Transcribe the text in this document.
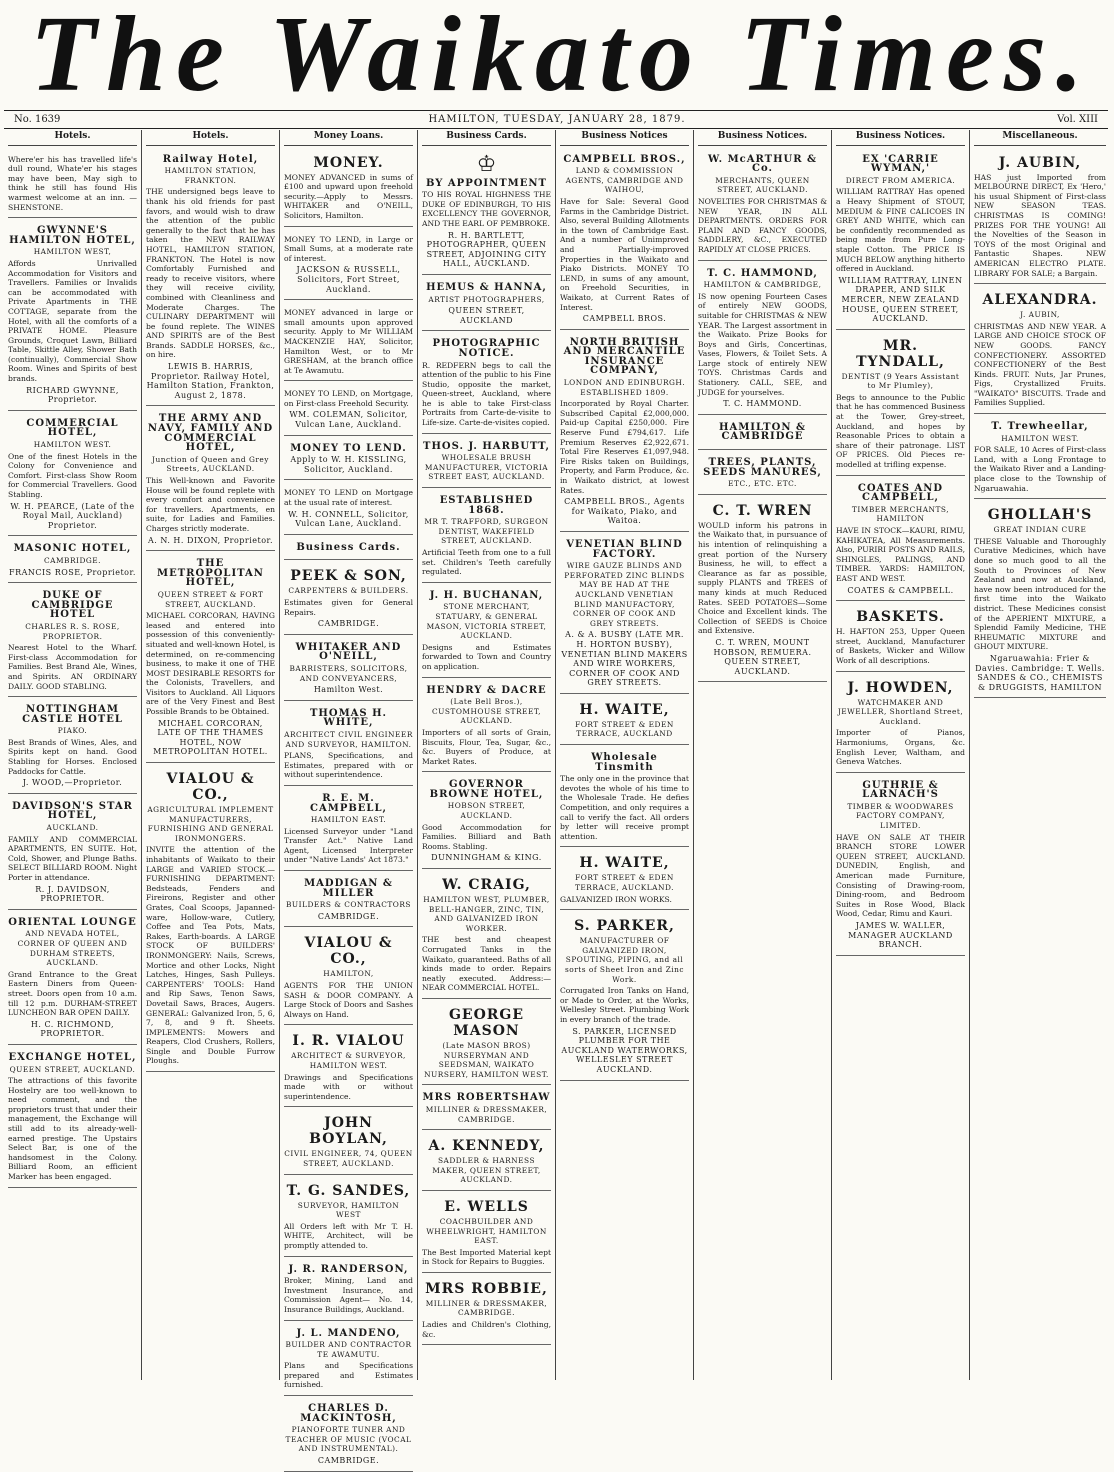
The Waikato Times.
No. 1639	HAMILTON, TUESDAY, JANUARY 28, 1879.	Vol. XIII
Hotels.
Where'er his has travelled life's dull round, Whate'er his stages may have been, May sigh to think he still has found His warmest welcome at an inn. —SHENSTONE.
GWYNNE'S HAMILTON HOTEL,
HAMILTON WEST,
Affords Unrivalled Accommodation for Visitors and Travellers. Families or Invalids can be accommodated with Private Apartments in THE COTTAGE, separate from the Hotel, with all the comforts of a PRIVATE HOME. Pleasure Grounds, Croquet Lawn, Billiard Table, Skittle Alley, Shower Bath (continually), Commercial Show Room. Wines and Spirits of best brands.
RICHARD GWYNNE, Proprietor.
COMMERCIAL HOTEL,
HAMILTON WEST.
One of the finest Hotels in the Colony for Convenience and Comfort. First-class Show Room for Commercial Travellers. Good Stabling.
W. H. PEARCE, (Late of the Royal Mail, Auckland) Proprietor.
MASONIC HOTEL,
CAMBRIDGE.
FRANCIS ROSE, Proprietor.
DUKE OF CAMBRIDGE HOTEL
CHARLES R. S. ROSE, PROPRIETOR.
Nearest Hotel to the Wharf. First-class Accommodation for Families. Best Brand Ale, Wines, and Spirits. AN ORDINARY DAILY. GOOD STABLING.
NOTTINGHAM CASTLE HOTEL
PIAKO.
Best Brands of Wines, Ales, and Spirits kept on hand. Good Stabling for Horses. Enclosed Paddocks for Cattle.
J. WOOD,—Proprietor.
DAVIDSON'S STAR HOTEL,
AUCKLAND.
FAMILY AND COMMERCIAL APARTMENTS, EN SUITE. Hot, Cold, Shower, and Plunge Baths. SELECT BILLIARD ROOM. Night Porter in attendance.
R. J. DAVIDSON, PROPRIETOR.
ORIENTAL LOUNGE
AND NEVADA HOTEL, CORNER OF QUEEN AND DURHAM STREETS, AUCKLAND.
Grand Entrance to the Great Eastern Diners from Queen-street. Doors open from 10 a.m. till 12 p.m. DURHAM-STREET LUNCHEON BAR OPEN DAILY.
H. C. RICHMOND, PROPRIETOR.
EXCHANGE HOTEL,
QUEEN STREET, AUCKLAND.
The attractions of this favorite Hostelry are too well-known to need comment, and the proprietors trust that under their management, the Exchange will still add to its already-well-earned prestige. The Upstairs Select Bar, is one of the handsomest in the Colony. Billiard Room, an efficient Marker has been engaged.
Hotels.
Railway Hotel,
HAMILTON STATION, FRANKTON.
THE undersigned begs leave to thank his old friends for past favors, and would wish to draw the attention of the public generally to the fact that he has taken the NEW RAILWAY HOTEL, HAMILTON STATION, FRANKTON. The Hotel is now Comfortably Furnished and ready to receive visitors, where they will receive civility, combined with Cleanliness and Moderate Charges. The CULINARY DEPARTMENT will be found replete. The WINES AND SPIRITS are of the Best Brands. SADDLE HORSES, &c., on hire.
LEWIS B. HARRIS, Proprietor. Railway Hotel, Hamilton Station, Frankton, August 2, 1878.
THE ARMY AND NAVY, FAMILY AND COMMERCIAL HOTEL,
Junction of Queen and Grey Streets, AUCKLAND.
This Well-known and Favorite House will be found replete with every comfort and convenience for travellers. Apartments, en suite, for Ladies and Families. Charges strictly moderate.
A. N. H. DIXON, Proprietor.
THE METROPOLITAN HOTEL,
QUEEN STREET & FORT STREET, AUCKLAND.
MICHAEL CORCORAN, HAVING leased and entered into possession of this conveniently-situated and well-known Hotel, is determined, on re-commencing business, to make it one of THE MOST DESIRABLE RESORTS for the Colonists, Travellers, and Visitors to Auckland. All Liquors are of the Very Finest and Best Possible Brands to be Obtained.
MICHAEL CORCORAN, LATE OF THE THAMES HOTEL, NOW METROPOLITAN HOTEL.
VIALOU & CO.,
AGRICULTURAL IMPLEMENT MANUFACTURERS, FURNISHING AND GENERAL IRONMONGERS.
INVITE the attention of the inhabitants of Waikato to their LARGE and VARIED STOCK.— FURNISHING DEPARTMENT: Bedsteads, Fenders and Fireirons, Register and other Grates, Coal Scoops, Japanned-ware, Hollow-ware, Cutlery, Coffee and Tea Pots, Mats, Rakes, Earth-boards. A LARGE STOCK OF BUILDERS' IRONMONGERY: Nails, Screws, Mortice and other Locks, Night Latches, Hinges, Sash Pulleys. CARPENTERS' TOOLS: Hand and Rip Saws, Tenon Saws, Dovetail Saws, Braces, Augers. GENERAL: Galvanized Iron, 5, 6, 7, 8, and 9 ft. Sheets. IMPLEMENTS: Mowers and Reapers, Clod Crushers, Rollers, Single and Double Furrow Ploughs.
Money Loans.
MONEY.
MONEY ADVANCED in sums of £100 and upward upon freehold security.—Apply to Messrs. WHITAKER and O'NEILL, Solicitors, Hamilton.
MONEY TO LEND, in Large or Small Sums, at a moderate rate of interest.
JACKSON & RUSSELL, Solicitors, Fort Street, Auckland.
MONEY advanced in large or small amounts upon approved security. Apply to Mr WILLIAM MACKENZIE HAY, Solicitor, Hamilton West, or to Mr GRESHAM, at the branch office at Te Awamutu.
MONEY TO LEND, on Mortgage, on First-class Freehold Security.
WM. COLEMAN, Solicitor, Vulcan Lane, Auckland.
MONEY TO LEND.
Apply to W. H. KISSLING, Solicitor, Auckland.
MONEY TO LEND on Mortgage at the usual rate of interest.
W. H. CONNELL, Solicitor, Vulcan Lane, Auckland.
Business Cards.
PEEK & SON,
CARPENTERS & BUILDERS.
Estimates given for General Repairs.
CAMBRIDGE.
WHITAKER AND O'NEILL,
BARRISTERS, SOLICITORS, AND CONVEYANCERS,
Hamilton West.
THOMAS H. WHITE,
ARCHITECT CIVIL ENGINEER AND SURVEYOR, HAMILTON.
PLANS, Specifications, and Estimates, prepared with or without superintendence.
R. E. M. CAMPBELL,
HAMILTON EAST.
Licensed Surveyor under "Land Transfer Act." Native Land Agent, Licensed Interpreter under "Native Lands' Act 1873."
MADDIGAN & MILLER
BUILDERS & CONTRACTORS
CAMBRIDGE.
VIALOU & CO.,
HAMILTON,
AGENTS FOR THE UNION SASH & DOOR COMPANY. A Large Stock of Doors and Sashes Always on Hand.
I. R. VIALOU
ARCHITECT & SURVEYOR, HAMILTON WEST.
Drawings and Specifications made with or without superintendence.
JOHN BOYLAN,
CIVIL ENGINEER, 74, QUEEN STREET, AUCKLAND.
T. G. SANDES,
SURVEYOR, HAMILTON WEST
All Orders left with Mr T. H. WHITE, Architect, will be promptly attended to.
J. R. RANDERSON,
Broker, Mining, Land and Investment Insurance, and Commission Agent— No. 14, Insurance Buildings, Auckland.
J. L. MANDENO,
BUILDER AND CONTRACTOR TE AWAMUTU.
Plans and Specifications prepared and Estimates furnished.
CHARLES D. MACKINTOSH,
PIANOFORTE TUNER AND TEACHER OF MUSIC (VOCAL AND INSTRUMENTAL).
CAMBRIDGE.
Business Cards.
♔
BY APPOINTMENT
TO HIS ROYAL HIGHNESS THE DUKE OF EDINBURGH, TO HIS EXCELLENCY THE GOVERNOR, AND THE EARL OF PEMBROKE.
R. H. BARTLETT, PHOTOGRAPHER, QUEEN STREET, ADJOINING CITY HALL, AUCKLAND.
HEMUS & HANNA,
ARTIST PHOTOGRAPHERS,
QUEEN STREET, AUCKLAND
PHOTOGRAPHIC NOTICE.
R. REDFERN begs to call the attention of the public to his Fine Studio, opposite the market, Queen-street, Auckland, where he is able to take First-class Portraits from Carte-de-visite to Life-size. Carte-de-visites copied.
THOS. J. HARBUTT,
WHOLESALE BRUSH MANUFACTURER, VICTORIA STREET EAST, AUCKLAND.
ESTABLISHED 1868.
MR T. TRAFFORD, SURGEON DENTIST, WAKEFIELD STREET, AUCKLAND.
Artificial Teeth from one to a full set. Children's Teeth carefully regulated.
J. H. BUCHANAN,
STONE MERCHANT, STATUARY, & GENERAL MASON, VICTORIA STREET, AUCKLAND.
Designs and Estimates forwarded to Town and Country on application.
HENDRY & DACRE
(Late Bell Bros.), CUSTOMHOUSE STREET, AUCKLAND.
Importers of all sorts of Grain, Biscuits, Flour, Tea, Sugar, &c., &c. Buyers of Produce, at Market Rates.
GOVERNOR BROWNE HOTEL,
HOBSON STREET, AUCKLAND.
Good Accommodation for Families. Billiard and Bath Rooms. Stabling.
DUNNINGHAM & KING.
W. CRAIG,
HAMILTON WEST, PLUMBER, BELL-HANGER, ZINC, TIN, AND GALVANIZED IRON WORKER.
THE best and cheapest Corrugated Tanks in the Waikato, guaranteed. Baths of all kinds made to order. Repairs neatly executed. Address:—NEAR COMMERCIAL HOTEL.
GEORGE MASON
(Late MASON BROS) NURSERYMAN AND SEEDSMAN, WAIKATO NURSERY, HAMILTON WEST.
MRS ROBERTSHAW
MILLINER & DRESSMAKER, CAMBRIDGE.
A. KENNEDY,
SADDLER & HARNESS MAKER, QUEEN STREET, AUCKLAND.
E. WELLS
COACHBUILDER AND WHEELWRIGHT, HAMILTON EAST.
The Best Imported Material kept in Stock for Repairs to Buggies.
MRS ROBBIE,
MILLINER & DRESSMAKER, CAMBRIDGE.
Ladies and Children's Clothing, &c.
Business Notices
CAMPBELL BROS.,
LAND & COMMISSION AGENTS, CAMBRIDGE AND WAIHOU,
Have for Sale: Several Good Farms in the Cambridge District. Also, several Building Allotments in the town of Cambridge East. And a number of Unimproved and Partially-improved Properties in the Waikato and Piako Districts. MONEY TO LEND, in sums of any amount, on Freehold Securities, in Waikato, at Current Rates of Interest.
CAMPBELL BROS.
NORTH BRITISH AND MERCANTILE INSURANCE COMPANY,
LONDON AND EDINBURGH. ESTABLISHED 1809.
Incorporated by Royal Charter. Subscribed Capital £2,000,000. Paid-up Capital £250,000. Fire Reserve Fund £794,617. Life Premium Reserves £2,922,671. Total Fire Reserves £1,097,948. Fire Risks taken on Buildings, Property, and Farm Produce, &c. in Waikato district, at lowest Rates.
CAMPBELL BROS., Agents for Waikato, Piako, and Waitoa.
VENETIAN BLIND FACTORY.
WIRE GAUZE BLINDS AND PERFORATED ZINC BLINDS MAY BE HAD AT THE AUCKLAND VENETIAN BLIND MANUFACTORY, CORNER OF COOK AND GREY STREETS.
A. & A. BUSBY (LATE MR. H. HORTON BUSBY), VENETIAN BLIND MAKERS AND WIRE WORKERS, CORNER OF COOK AND GREY STREETS.
H. WAITE,
FORT STREET & EDEN TERRACE, AUCKLAND
Wholesale Tinsmith
The only one in the province that devotes the whole of his time to the Wholesale Trade. He defies Competition, and only requires a call to verify the fact. All orders by letter will receive prompt attention.
H. WAITE,
FORT STREET & EDEN TERRACE, AUCKLAND.
GALVANIZED IRON WORKS.
S. PARKER,
MANUFACTURER OF GALVANIZED IRON, SPOUTING, PIPING, and all sorts of Sheet Iron and Zinc Work.
Corrugated Iron Tanks on Hand, or Made to Order, at the Works, Wellesley Street. Plumbing Work in every branch of the trade.
S. PARKER, LICENSED PLUMBER FOR THE AUCKLAND WATERWORKS, WELLESLEY STREET AUCKLAND.
Business Notices.
W. McARTHUR & Co.
MERCHANTS, QUEEN STREET, AUCKLAND.
NOVELTIES FOR CHRISTMAS & NEW YEAR, IN ALL DEPARTMENTS. ORDERS FOR PLAIN AND FANCY GOODS, SADDLERY, &C., EXECUTED RAPIDLY AT CLOSE PRICES.
T. C. HAMMOND,
HAMILTON & CAMBRIDGE,
IS now opening Fourteen Cases of entirely NEW GOODS, suitable for CHRISTMAS & NEW YEAR. The Largest assortment in the Waikato. Prize Books for Boys and Girls, Concertinas, Vases, Flowers, & Toilet Sets. A Large stock of entirely NEW TOYS. Christmas Cards and Stationery. CALL, SEE, and JUDGE for yourselves.
T. C. HAMMOND.
HAMILTON & CAMBRIDGE
TREES, PLANTS, SEEDS MANURES,
ETC., ETC. ETC.
C. T. WREN
WOULD inform his patrons in the Waikato that, in pursuance of his intention of relinquishing a great portion of the Nursery Business, he will, to effect a Clearance as far as possible, supply PLANTS and TREES of many kinds at much Reduced Rates. SEED POTATOES—Some Choice and Excellent kinds. The Collection of SEEDS is Choice and Extensive.
C. T. WREN, MOUNT HOBSON, REMUERA. QUEEN STREET, AUCKLAND.
Business Notices.
EX 'CARRIE WYMAN,'
DIRECT FROM AMERICA.
WILLIAM RATTRAY Has opened a Heavy Shipment of STOUT, MEDIUM & FINE CALICOES IN GREY AND WHITE, which can be confidently recommended as being made from Pure Long-staple Cotton. The PRICE IS MUCH BELOW anything hitherto offered in Auckland.
WILLIAM RATTRAY, LINEN DRAPER, AND SILK MERCER, NEW ZEALAND HOUSE, QUEEN STREET, AUCKLAND.
MR. TYNDALL,
DENTIST (9 Years Assistant to Mr Plumley),
Begs to announce to the Public that he has commenced Business at the Tower, Grey-street, Auckland, and hopes by Reasonable Prices to obtain a share of their patronage. LIST OF PRICES. Old Pieces re-modelled at trifling expense.
COATES AND CAMPBELL,
TIMBER MERCHANTS, HAMILTON
HAVE IN STOCK—KAURI, RIMU, KAHIKATEA, All Measurements. Also, PURIRI POSTS AND RAILS, SHINGLES, PALINGS, AND TIMBER. YARDS: HAMILTON, EAST AND WEST.
COATES & CAMPBELL.
BASKETS.
H. HAFTON 253, Upper Queen street, Auckland, Manufacturer of Baskets, Wicker and Willow Work of all descriptions.
J. HOWDEN,
WATCHMAKER AND JEWELLER, Shortland Street, Auckland.
Importer of Pianos, Harmoniums, Organs, &c. English Lever, Waltham, and Geneva Watches.
GUTHRIE & LARNACH'S
TIMBER & WOODWARES FACTORY COMPANY, LIMITED.
HAVE ON SALE AT THEIR BRANCH STORE LOWER QUEEN STREET, AUCKLAND. DUNEDIN, English, and American made Furniture, Consisting of Drawing-room, Dining-room, and Bedroom Suites in Rose Wood, Black Wood, Cedar, Rimu and Kauri.
JAMES W. WALLER, MANAGER AUCKLAND BRANCH.
Miscellaneous.
J. AUBIN,
HAS just Imported from MELBOURNE DIRECT, Ex 'Hero,' his usual Shipment of First-class NEW SEASON TEAS. CHRISTMAS IS COMING! PRIZES FOR THE YOUNG! All the Novelties of the Season in TOYS of the most Original and Fantastic Shapes. NEW AMERICAN ELECTRO PLATE. LIBRARY FOR SALE; a Bargain.
ALEXANDRA.
J. AUBIN,
CHRISTMAS AND NEW YEAR. A LARGE AND CHOICE STOCK OF NEW GOODS. FANCY CONFECTIONERY. ASSORTED CONFECTIONERY of the Best Kinds. FRUIT. Nuts, Jar Prunes, Figs, Crystallized Fruits. "WAIKATO" BISCUITS. Trade and Families Supplied.
T. Trewheellar,
HAMILTON WEST.
FOR SALE, 10 Acres of First-class Land, with a Long Frontage to the Waikato River and a Landing-place close to the Township of Ngaruawahia.
GHOLLAH'S
GREAT INDIAN CURE
THESE Valuable and Thoroughly Curative Medicines, which have done so much good to all the South to Provinces of New Zealand and now at Auckland, have now been introduced for the first time into the Waikato district. These Medicines consist of the APERIENT MIXTURE, a Splendid Family Medicine, THE RHEUMATIC MIXTURE and GHOUT MIXTURE.
Ngaruawahia: Frier & Davies. Cambridge: T. Wells. SANDES & CO., CHEMISTS & DRUGGISTS, HAMILTON
